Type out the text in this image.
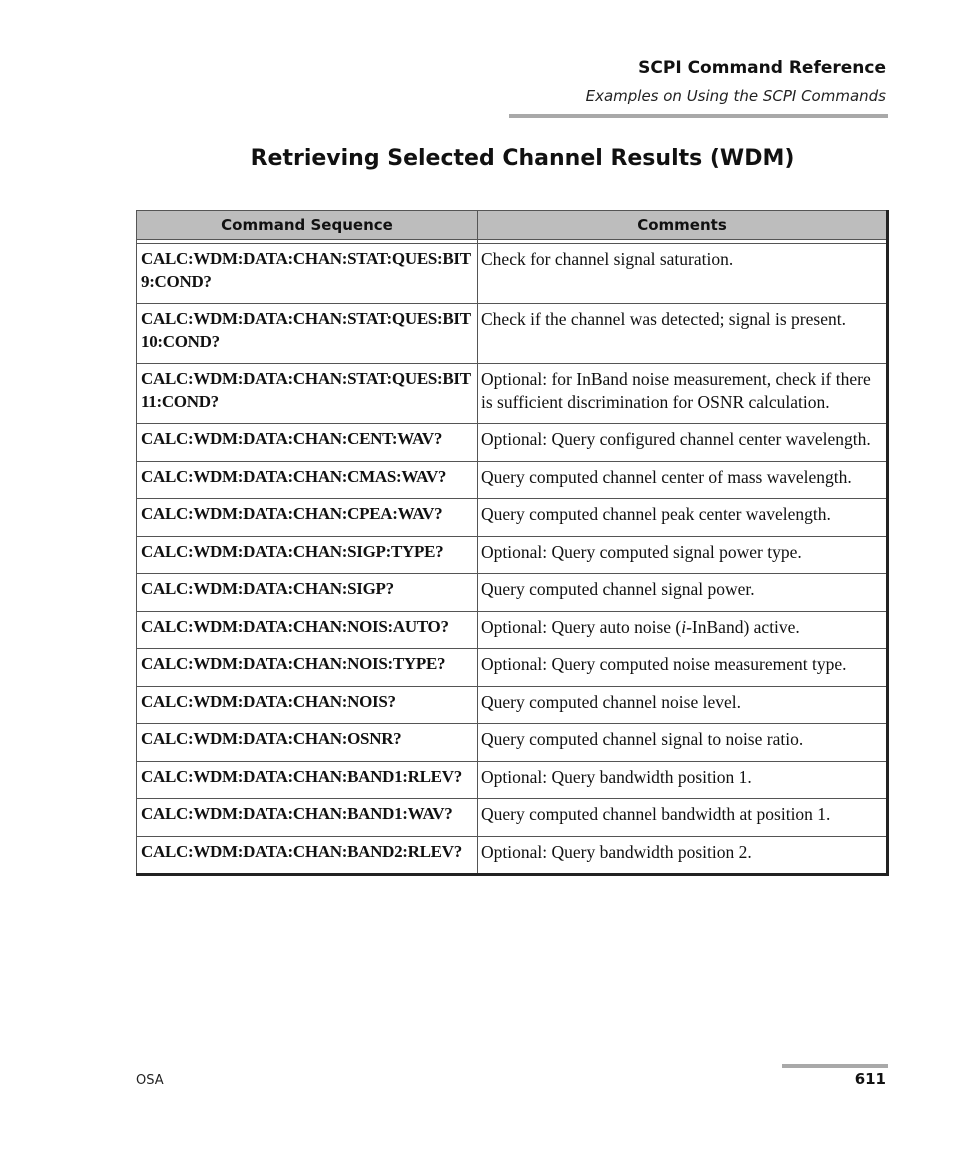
SCPI Command Reference
Examples on Using the SCPI Commands
Retrieving Selected Channel Results (WDM)
Command Sequence	Comments

CALC:WDM:DATA:CHAN:STAT:QUES:BIT9:COND?	Check for channel signal saturation.
CALC:WDM:DATA:CHAN:STAT:QUES:BIT10:COND?	Check if the channel was detected; signal is present.
CALC:WDM:DATA:CHAN:STAT:QUES:BIT11:COND?	Optional: for InBand noise measurement, check if there is sufficient discrimination for OSNR calculation.
CALC:WDM:DATA:CHAN:CENT:WAV?	Optional: Query configured channel center wavelength.
CALC:WDM:DATA:CHAN:CMAS:WAV?	Query computed channel center of mass wavelength.
CALC:WDM:DATA:CHAN:CPEA:WAV?	Query computed channel peak center wavelength.
CALC:WDM:DATA:CHAN:SIGP:TYPE?	Optional: Query computed signal power type.
CALC:WDM:DATA:CHAN:SIGP?	Query computed channel signal power.
CALC:WDM:DATA:CHAN:NOIS:AUTO?	Optional: Query auto noise (i-InBand) active.
CALC:WDM:DATA:CHAN:NOIS:TYPE?	Optional: Query computed noise measurement type.
CALC:WDM:DATA:CHAN:NOIS?	Query computed channel noise level.
CALC:WDM:DATA:CHAN:OSNR?	Query computed channel signal to noise ratio.
CALC:WDM:DATA:CHAN:BAND1:RLEV?	Optional: Query bandwidth position 1.
CALC:WDM:DATA:CHAN:BAND1:WAV?	Query computed channel bandwidth at position 1.
CALC:WDM:DATA:CHAN:BAND2:RLEV?	Optional: Query bandwidth position 2.
OSA	611
